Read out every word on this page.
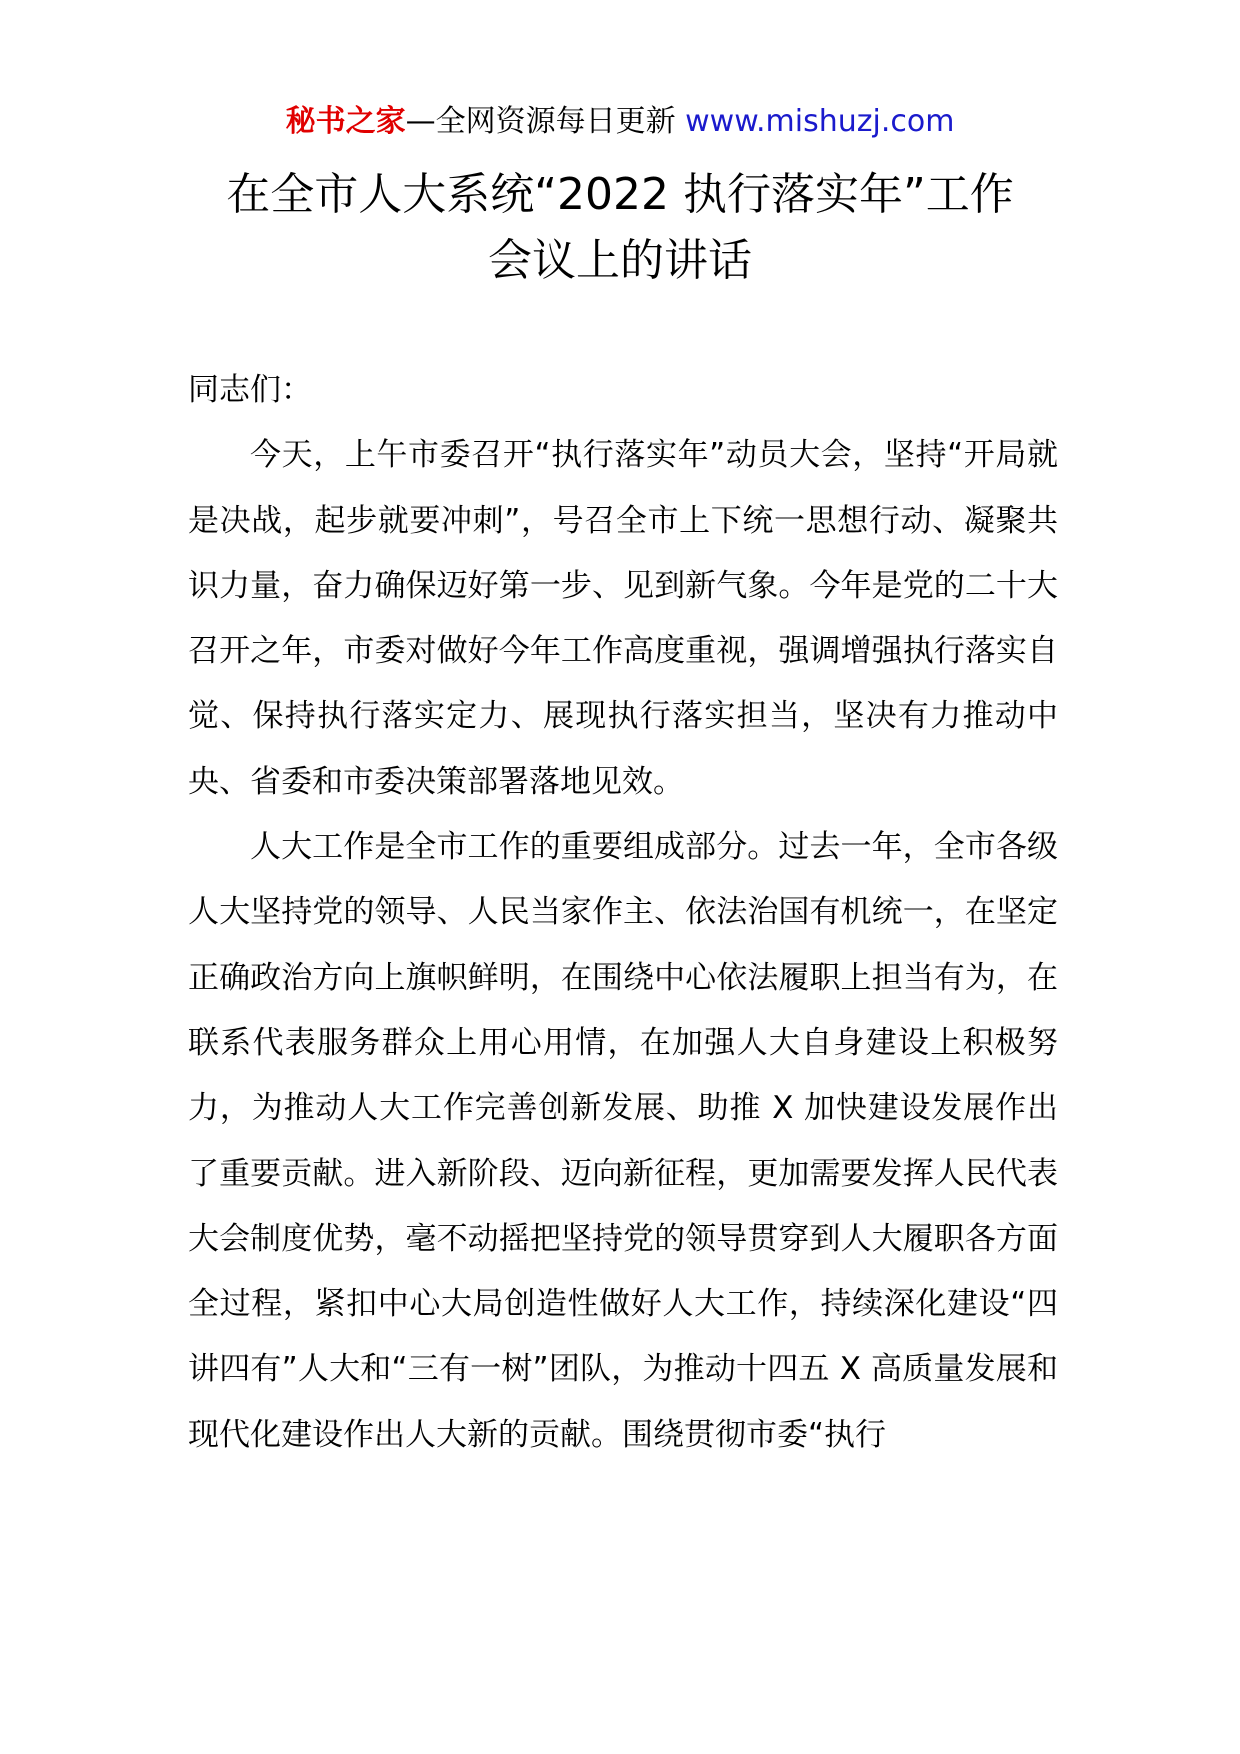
秘书之家—全网资源每日更新 www.mishuzj.com
在全市人大系统“2022 执行落实年”工作
会议上的讲话

同志们：

今天，上午市委召开“执行落实年”动员大会，坚持“开局就是决战，起步就要冲刺”，号召全市上下统一思想行动、凝聚共识力量，奋力确保迈好第一步、见到新气象。今年是党的二十大召开之年，市委对做好今年工作高度重视，强调增强执行落实自觉、保持执行落实定力、展现执行落实担当，坚决有力推动中央、省委和市委决策部署落地见效。

人大工作是全市工作的重要组成部分。过去一年，全市各级人大坚持党的领导、人民当家作主、依法治国有机统一，在坚定正确政治方向上旗帜鲜明，在围绕中心依法履职上担当有为，在联系代表服务群众上用心用情，在加强人大自身建设上积极努力，为推动人大工作完善创新发展、助推 X 加快建设发展作出了重要贡献。进入新阶段、迈向新征程，更加需要发挥人民代表大会制度优势，毫不动摇把坚持党的领导贯穿到人大履职各方面全过程，紧扣中心大局创造性做好人大工作，持续深化建设“四讲四有”人大和“三有一树”团队，为推动十四五 X 高质量发展和现代化建设作出人大新的贡献。围绕贯彻市委“执行
